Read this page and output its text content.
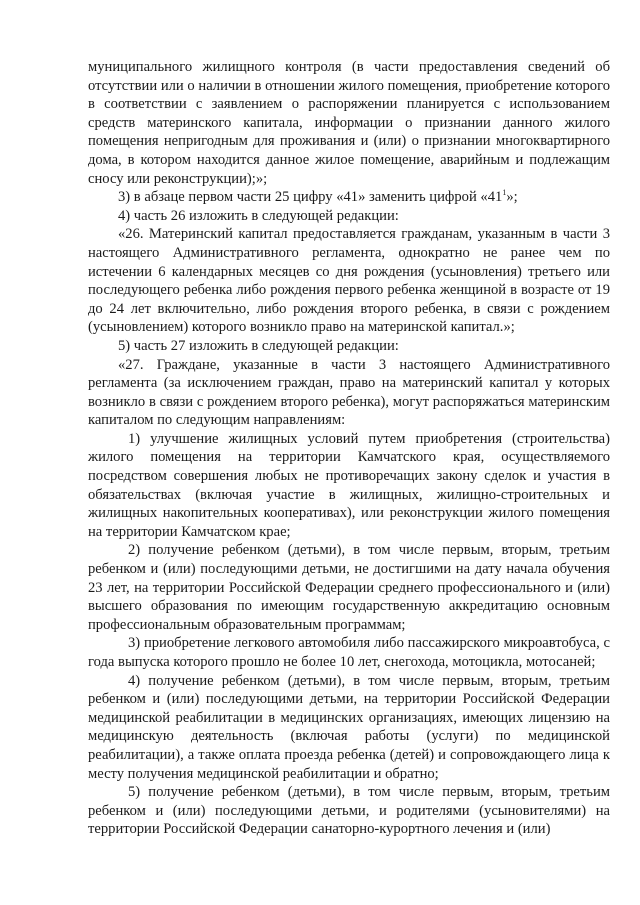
муниципального жилищного контроля (в части предоставления сведений об отсутствии или о наличии в отношении жилого помещения, приобретение которого в соответствии с заявлением о распоряжении планируется с использованием средств материнского капитала, информации о признании данного жилого помещения непригодным для проживания и (или) о признании многоквартирного дома, в котором находится данное жилое помещение, аварийным и подлежащим сносу или реконструкции);»;

3) в абзаце первом части 25 цифру «41» заменить цифрой «$41^1$»;

4) часть 26 изложить в следующей редакции:

«26. Материнский капитал предоставляется гражданам, указанным в части 3 настоящего Административного регламента, однократно не ранее чем по истечении 6 календарных месяцев со дня рождения (усыновления) третьего или последующего ребенка либо рождения первого ребенка женщиной в возрасте от 19 до 24 лет включительно, либо рождения второго ребенка, в связи с рождением (усыновлением) которого возникло право на материнской капитал.»;

5) часть 27 изложить в следующей редакции:

«27. Граждане, указанные в части 3 настоящего Административного регламента (за исключением граждан, право на материнский капитал у которых возникло в связи с рождением второго ребенка), могут распоряжаться материнским капиталом по следующим направлениям:

1) улучшение жилищных условий путем приобретения (строительства) жилого помещения на территории Камчатского края, осуществляемого посредством совершения любых не противоречащих закону сделок и участия в обязательствах (включая участие в жилищных, жилищно-строительных и жилищных накопительных кооперативах), или реконструкции жилого помещения на территории Камчатском крае;

2) получение ребенком (детьми), в том числе первым, вторым, третьим ребенком и (или) последующими детьми, не достигшими на дату начала обучения 23 лет, на территории Российской Федерации среднего профессионального и (или) высшего образования по имеющим государственную аккредитацию основным профессиональным образовательным программам;

3) приобретение легкового автомобиля либо пассажирского микроавтобуса, с года выпуска которого прошло не более 10 лет, снегохода, мотоцикла, мотосаней;

4) получение ребенком (детьми), в том числе первым, вторым, третьим ребенком и (или) последующими детьми, на территории Российской Федерации медицинской реабилитации в медицинских организациях, имеющих лицензию на медицинскую деятельность (включая работы (услуги) по медицинской реабилитации), а также оплата проезда ребенка (детей) и сопровождающего лица к месту получения медицинской реабилитации и обратно;

5) получение ребенком (детьми), в том числе первым, вторым, третьим ребенком и (или) последующими детьми, и родителями (усыновителями) на территории Российской Федерации санаторно-курортного лечения и (или)
